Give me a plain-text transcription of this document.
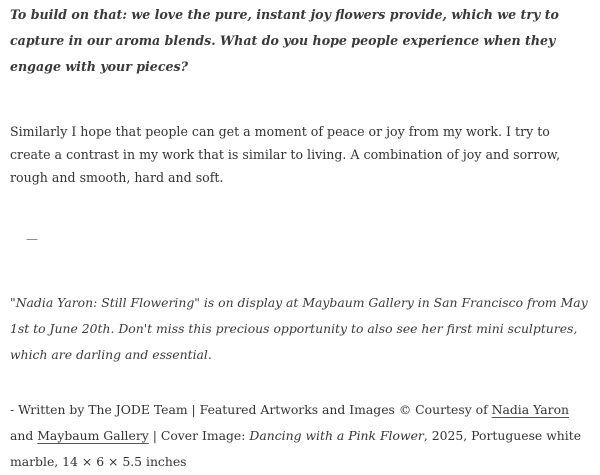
To build on that: we love the pure, instant joy flowers provide, which we try to capture in our aroma blends. What do you hope people experience when they engage with your pieces?

Similarly I hope that people can get a moment of peace or joy from my work. I try to create a contrast in my work that is similar to living. A combination of joy and sorrow, rough and smooth, hard and soft.

—

"Nadia Yaron: Still Flowering" is on display at Maybaum Gallery in San Francisco from May 1st to June 20th. Don't miss this precious opportunity to also see her first mini sculptures, which are darling and essential.

- Written by The JODE Team | Featured Artworks and Images © Courtesy of Nadia Yaron and Maybaum Gallery | Cover Image: Dancing with a Pink Flower, 2025, Portuguese white marble, 14 × 6 × 5.5 inches
